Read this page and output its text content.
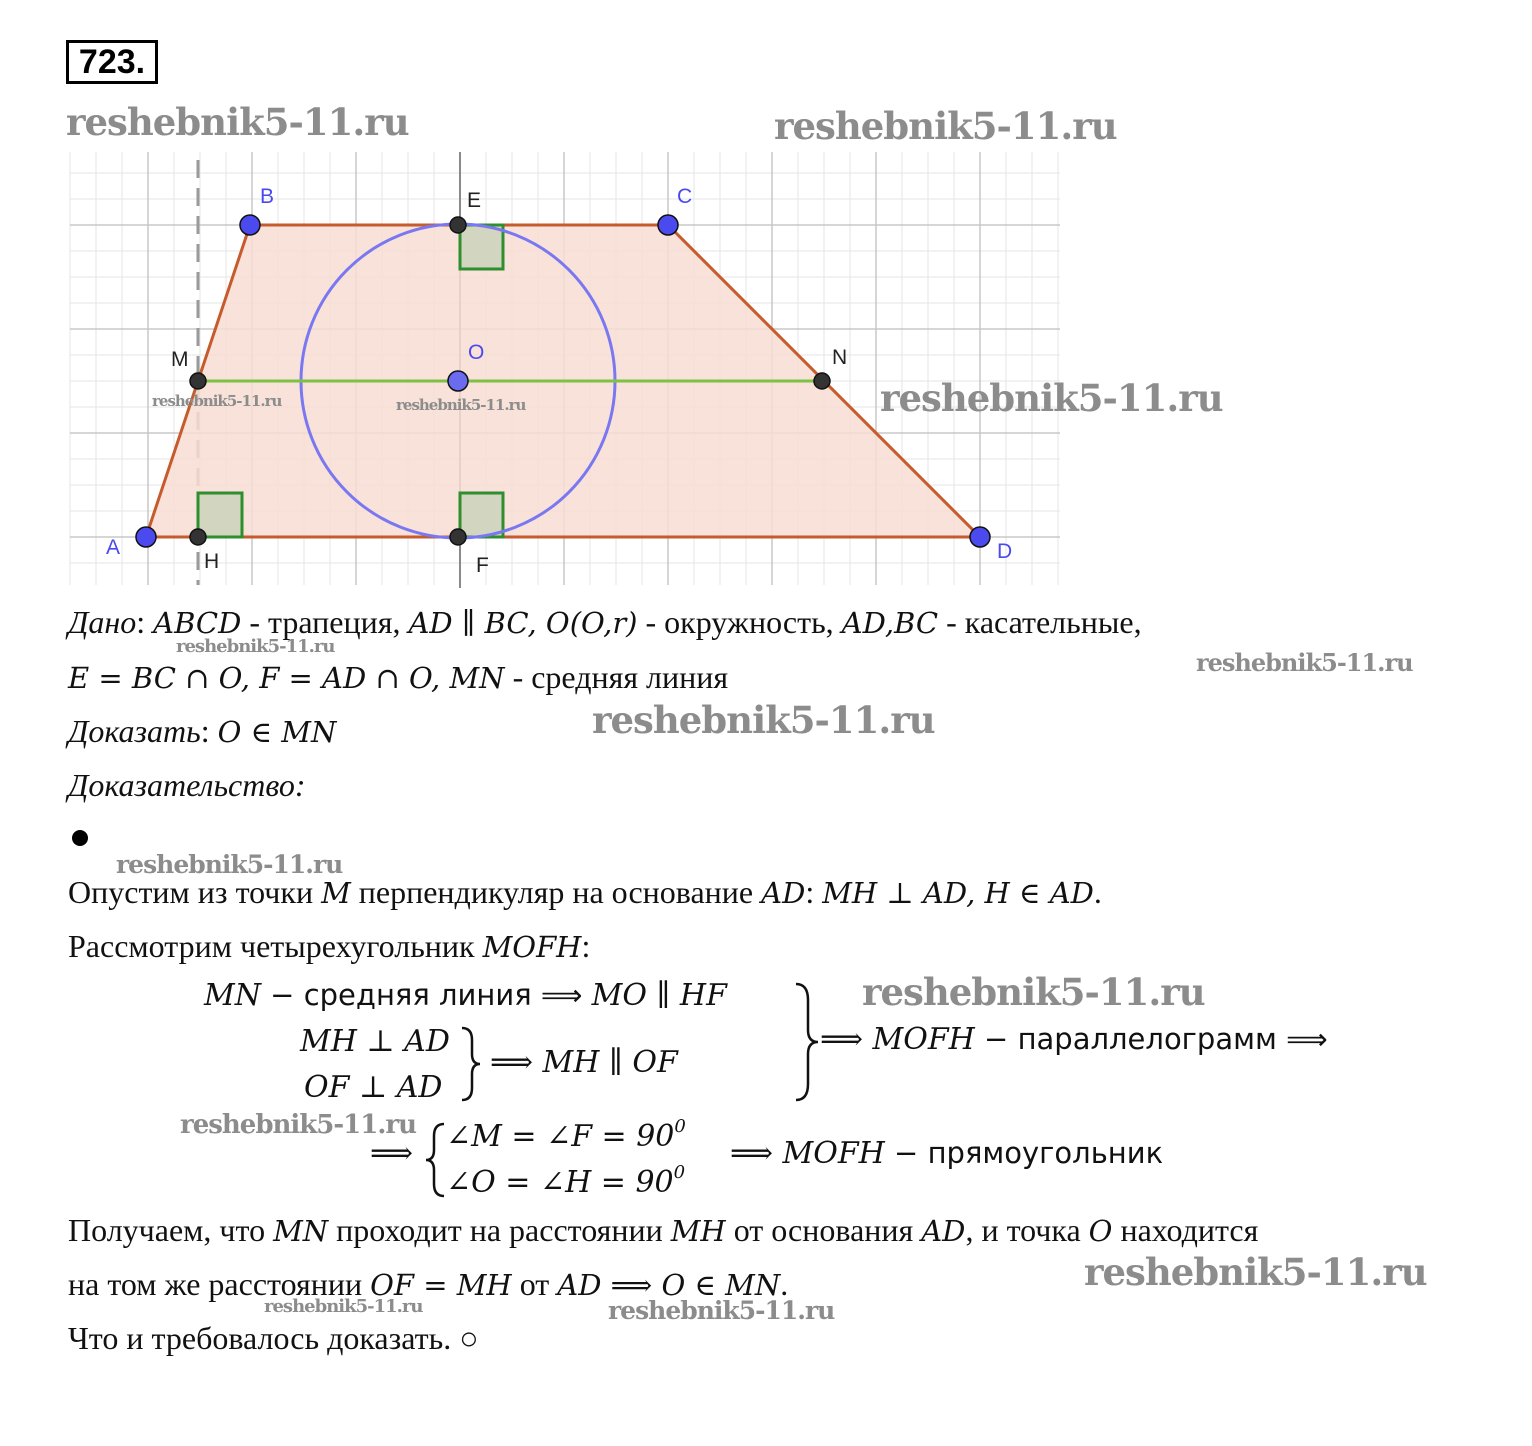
723.
A
B	C
D
O
E
F
H
M	N
reshebnik5-11.ru	reshebnik5-11.ru
reshebnik5-11.ru
reshebnik5-11.ru	reshebnik5-11.ru
reshebnik5-11.ru
reshebnik5-11.ru
reshebnik5-11.ru
reshebnik5-11.ru
reshebnik5-11.ru
reshebnik5-11.ru
reshebnik5-11.ru
reshebnik5-11.ru	reshebnik5-11.ru
Дано: ABCD - трапеция, AD ∥ BC, O(O,r) - окружность, AD,BC - касательные,
E = BC ∩ O, F = AD ∩ O, MN - средняя линия
Доказать: O ∈ MN
Доказательство:
Опустим из точки M перпендикуляр на основание AD: MH ⊥ AD, H ∈ AD.
Рассмотрим четырехугольник MOFH:
MN − средняя линия ⟹ MO ∥ HF
MH ⊥ AD
OF ⊥ AD
⟹ MH ∥ OF
⟹ MOFH − параллелограмм ⟹
⟹ ∠M = ∠F = $90^0$
∠O = ∠H = $90^0$
⟹ MOFH − прямоугольник
Получаем, что MN проходит на расстоянии MH от основания AD, и точка O находится
на том же расстоянии OF = MH от AD ⟹ O ∈ MN.
Что и требовалось доказать. ○
